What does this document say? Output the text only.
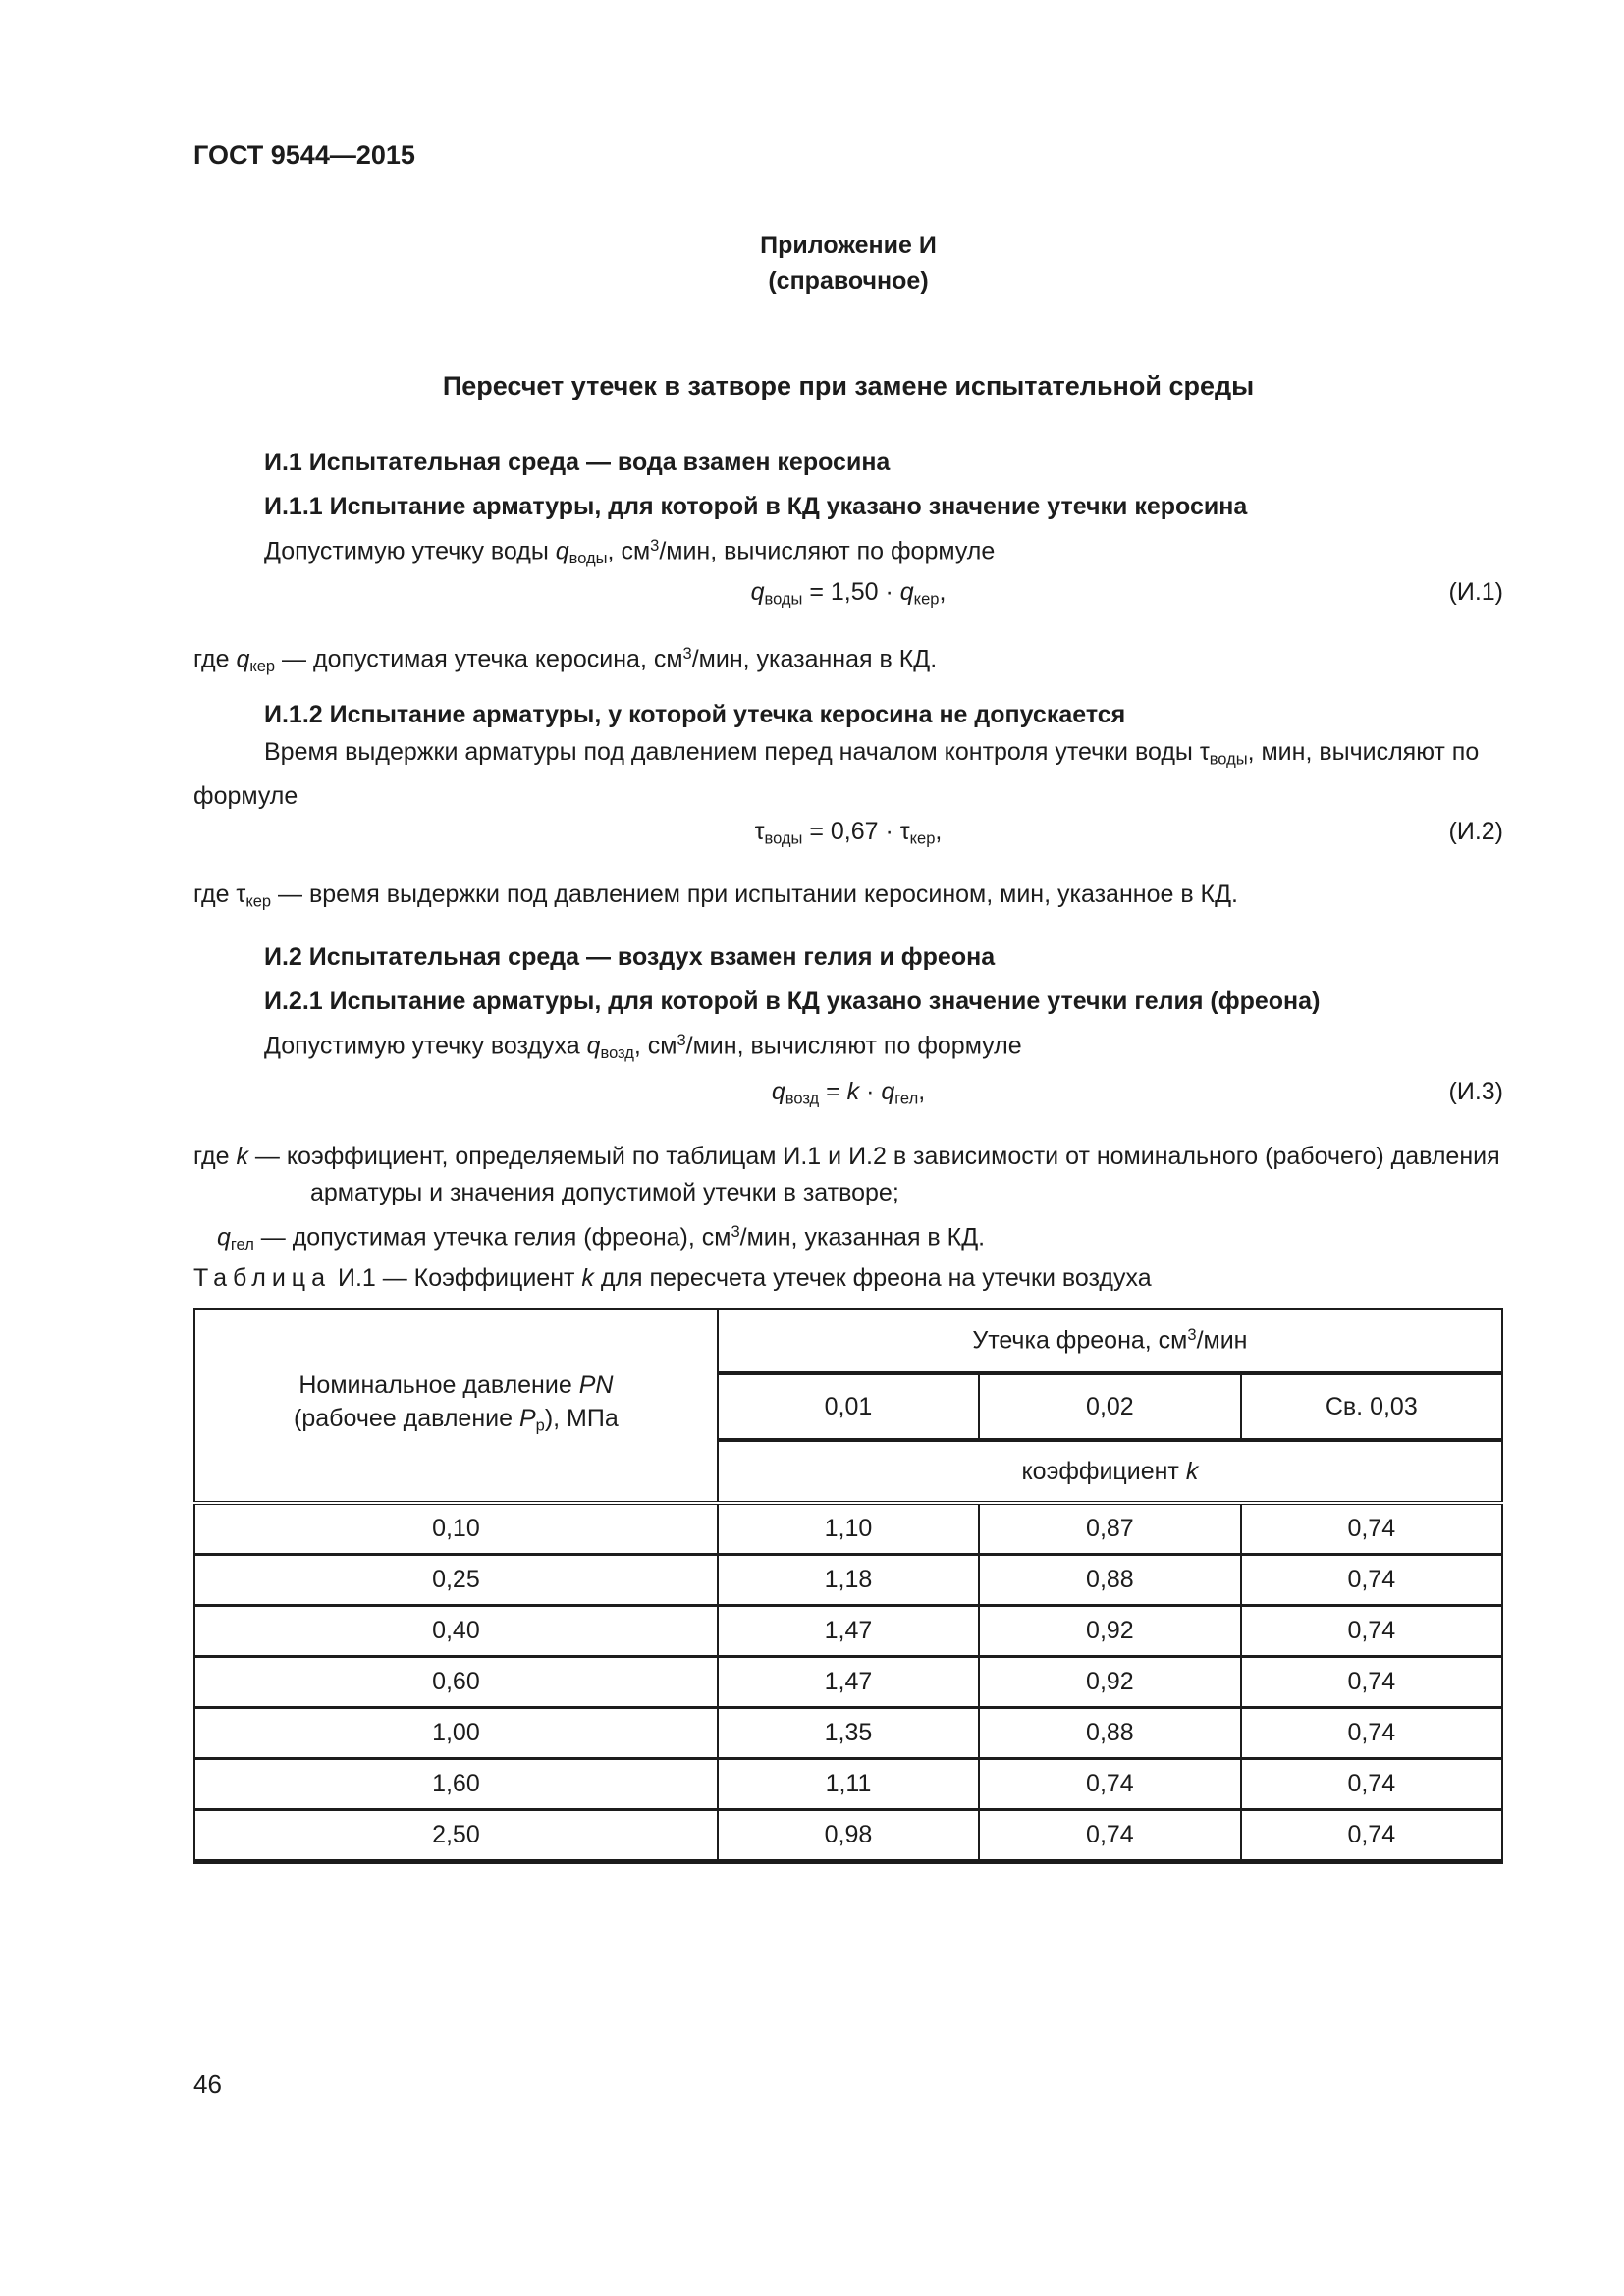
ГОСТ 9544—2015
Приложение И
(справочное)
Пересчет утечек в затворе при замене испытательной среды
И.1 Испытательная среда — вода взамен керосина
И.1.1 Испытание арматуры, для которой в КД указано значение утечки керосина
Допустимую утечку воды qводы, $см^3$/мин, вычисляют по формуле
qводы = 1,50 · qкер,	(И.1)
где qкер — допустимая утечка керосина, $см^3$/мин, указанная в КД.
И.1.2 Испытание арматуры, у которой утечка керосина не допускается
Время выдержки арматуры под давлением перед началом контроля утечки воды τводы, мин, вычисляют по формуле
τводы = 0,67 · τкер,	(И.2)
где τкер — время выдержки под давлением при испытании керосином, мин, указанное в КД.
И.2 Испытательная среда — воздух взамен гелия и фреона
И.2.1 Испытание арматуры, для которой в КД указано значение утечки гелия (фреона)
Допустимую утечку воздуха qвозд, $см^3$/мин, вычисляют по формуле
qвозд = k · qгел,	(И.3)
где k — коэффициент, определяемый по таблицам И.1 и И.2 в зависимости от номинального (рабочего) давления арматуры и значения допустимой утечки в затворе;
qгел — допустимая утечка гелия (фреона), $см^3$/мин, указанная в КД.
Таблица И.1 — Коэффициент k для пересчета утечек фреона на утечки воздуха
Номинальное давление PN
(рабочее давление Pр), МПа	Утечка фреона, $см^3$/мин		
	0,01	0,02	Св. 0,03
	коэффициент k		
0,10	1,10	0,87	0,74
0,25	1,18	0,88	0,74
0,40	1,47	0,92	0,74
0,60	1,47	0,92	0,74
1,00	1,35	0,88	0,74
1,60	1,11	0,74	0,74
2,50	0,98	0,74	0,74
46
